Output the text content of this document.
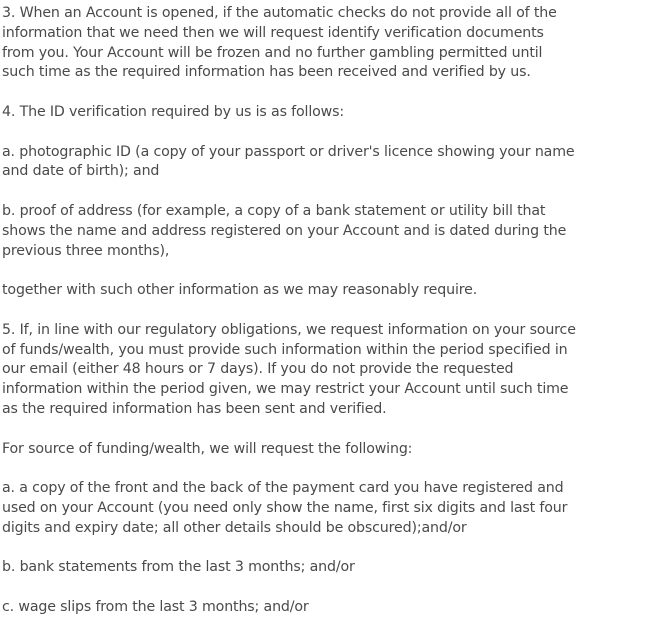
3. When an Account is opened, if the automatic checks do not provide all of the
information that we need then we will request identify verification documents
from you. Your Account will be frozen and no further gambling permitted until
such time as the required information has been received and verified by us.

4. The ID verification required by us is as follows:

a. photographic ID (a copy of your passport or driver's licence showing your name
and date of birth); and

b. proof of address (for example, a copy of a bank statement or utility bill that
shows the name and address registered on your Account and is dated during the
previous three months),

together with such other information as we may reasonably require.

5. If, in line with our regulatory obligations, we request information on your source
of funds/wealth, you must provide such information within the period specified in
our email (either 48 hours or 7 days). If you do not provide the requested
information within the period given, we may restrict your Account until such time
as the required information has been sent and verified.

For source of funding/wealth, we will request the following:

a. a copy of the front and the back of the payment card you have registered and
used on your Account (you need only show the name, first six digits and last four
digits and expiry date; all other details should be obscured);and/or

b. bank statements from the last 3 months; and/or

c. wage slips from the last 3 months; and/or
